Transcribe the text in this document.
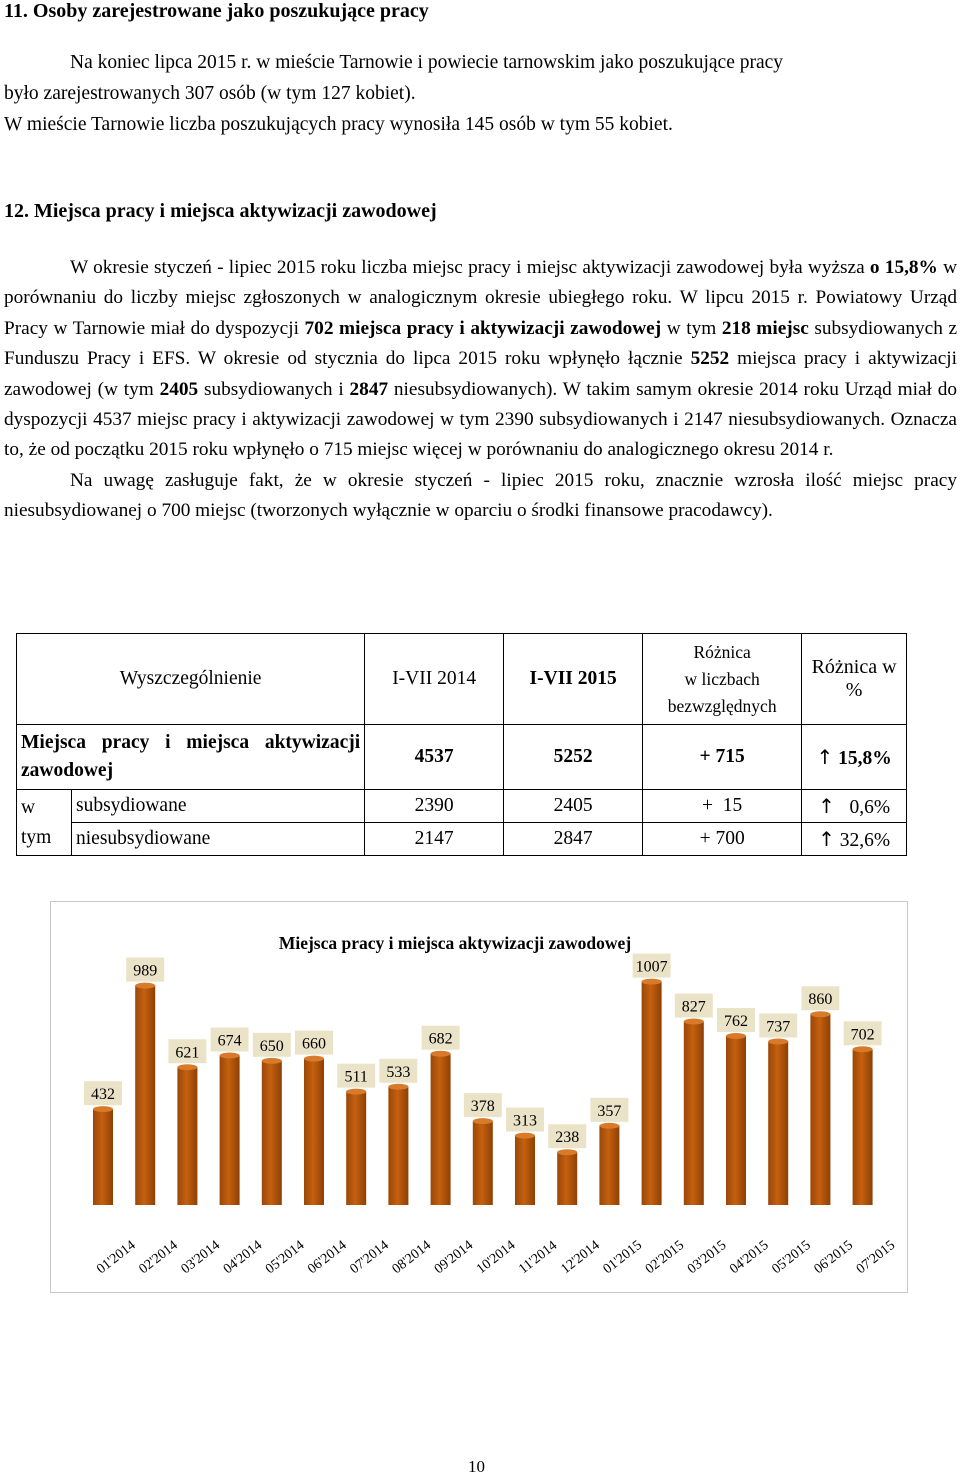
11. Osoby zarejestrowane jako poszukujące pracy

Na koniec lipca 2015 r. w mieście Tarnowie i powiecie tarnowskim jako poszukujące pracy

było zarejestrowanych 307 osób (w tym 127 kobiet).

W mieście Tarnowie liczba poszukujących pracy wynosiła 145 osób w tym 55 kobiet.

12. Miejsca pracy i miejsca aktywizacji zawodowej

W okresie styczeń - lipiec 2015 roku liczba miejsc pracy i miejsc aktywizacji zawodowej była wyższa o 15,8% w porównaniu do liczby miejsc zgłoszonych w analogicznym okresie ubiegłego roku. W lipcu 2015 r. Powiatowy Urząd Pracy w Tarnowie miał do dyspozycji 702 miejsca pracy i aktywizacji zawodowej w tym 218 miejsc subsydiowanych z Funduszu Pracy i EFS. W okresie od stycznia do lipca 2015 roku wpłynęło łącznie 5252 miejsca pracy i aktywizacji zawodowej (w tym 2405 subsydiowanych i 2847 niesubsydiowanych). W takim samym okresie 2014 roku Urząd miał do dyspozycji 4537 miejsc pracy i aktywizacji zawodowej w tym 2390 subsydiowanych i 2147 niesubsydiowanych. Oznacza to, że od początku 2015 roku wpłynęło o 715 miejsc więcej w porównaniu do analogicznego okresu 2014 r.

Na uwagę zasługuje fakt, że w okresie styczeń - lipiec 2015 roku, znacznie wzrosła ilość miejsc pracy niesubsydiowanej o 700 miejsc (tworzonych wyłącznie w oparciu o środki finansowe pracodawcy).

Wyszczególnienie		I-VII 2014	I-VII 2015	Różnica
w liczbach
bezwzględnych	Różnica w %
Miejsca pracy i miejsca aktywizacji zawodowej		4537	5252	+ 715	↑ 15,8%

w
tym	subsydiowane	2390	2405	+  15	↑ 0,6%
	niesubsydiowane	2147	2847	+ 700	↑ 32,6%
Miejsca pracy i miejsca aktywizacji zawodowej
432
01'2014
989
02'2014
621
03'2014
674
04'2014
650
05'2014
660
06'2014
511
07'2014
533
08'2014
682
09'2014
378
10'2014
313
11'2014
238
12'2014
357
01'2015
1007
02'2015
827
03'2015
762
04'2015
737
05'2015
860
06'2015
702
07'2015
10
